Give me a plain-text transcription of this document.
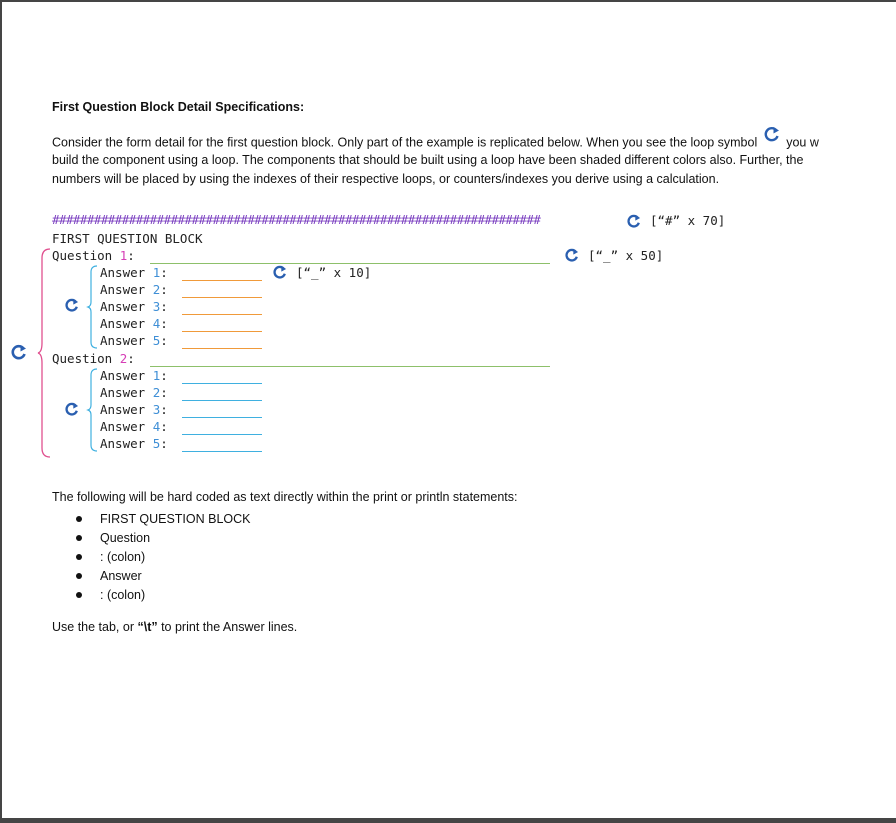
First Question Block Detail Specifications:
Consider the form detail for the first question block. Only part of the example is replicated below. When you see the loop symbol you w
build the component using a loop. The components that should be built using a loop have been shaded different colors also. Further, the
numbers will be placed by using the indexes of their respective loops, or counters/indexes you derive using a calculation.
######################################################################	[“#” x 70]
FIRST QUESTION BLOCK
Question 1:	[“_” x 50]
Answer 1:	[“_” x 10]
Answer 2:
Answer 3:
Answer 4:
Answer 5:
Question 2:
Answer 1:
Answer 2:
Answer 3:
Answer 4:
Answer 5:
The following will be hard coded as text directly within the print or println statements:
FIRST QUESTION BLOCK
Question
: (colon)
Answer
: (colon)
Use the tab, or “\t” to print the Answer lines.
